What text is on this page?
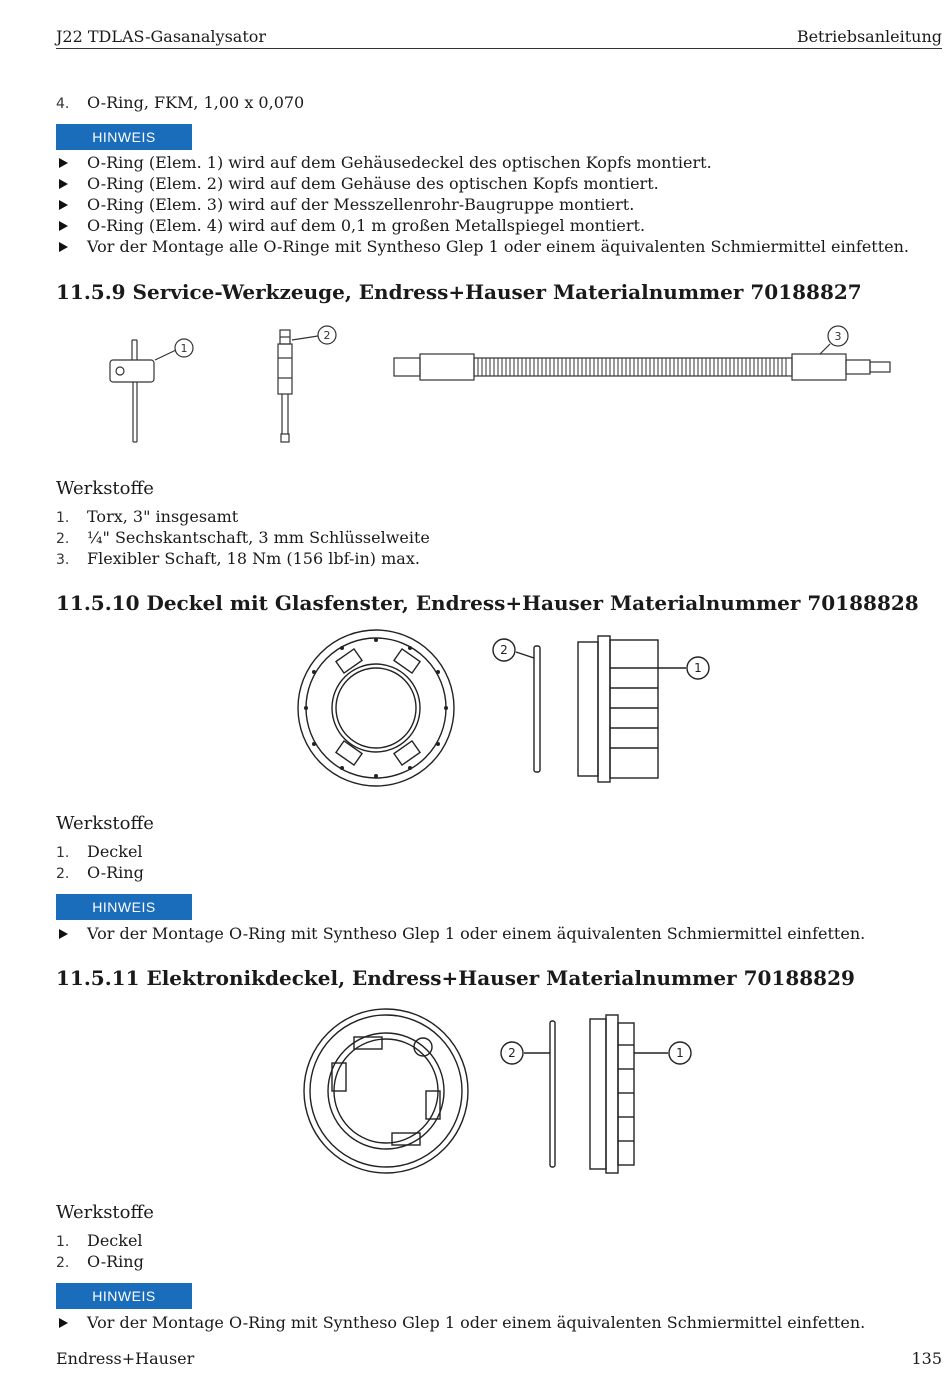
J22 TDLAS-Gasanalysator	Betriebsanleitung
4. O-Ring, FKM, 1,00 x 0,070
HINWEIS
O-Ring (Elem. 1) wird auf dem Gehäusedeckel des optischen Kopfs montiert.
O-Ring (Elem. 2) wird auf dem Gehäuse des optischen Kopfs montiert.
O-Ring (Elem. 3) wird auf der Messzellenrohr-Baugruppe montiert.
O-Ring (Elem. 4) wird auf dem 0,1 m großen Metallspiegel montiert.
Vor der Montage alle O-Ringe mit Syntheso Glep 1 oder einem äquivalenten Schmiermittel einfetten.
11.5.9 Service-Werkzeuge, Endress+Hauser Materialnummer 70188827
1
2	3
Werkstoffe
1. Torx, 3" insgesamt
2. ¼" Sechskantschaft, 3 mm Schlüsselweite
3. Flexibler Schaft, 18 Nm (156 lbf-in) max.
11.5.10 Deckel mit Glasfenster, Endress+Hauser Materialnummer 70188828
2
1
Werkstoffe
1. Deckel
2. O-Ring
HINWEIS
Vor der Montage O-Ring mit Syntheso Glep 1 oder einem äquivalenten Schmiermittel einfetten.
11.5.11 Elektronikdeckel, Endress+Hauser Materialnummer 70188829
2	1
Werkstoffe
1. Deckel
2. O-Ring
HINWEIS
Vor der Montage O-Ring mit Syntheso Glep 1 oder einem äquivalenten Schmiermittel einfetten.
Endress+Hauser	135
